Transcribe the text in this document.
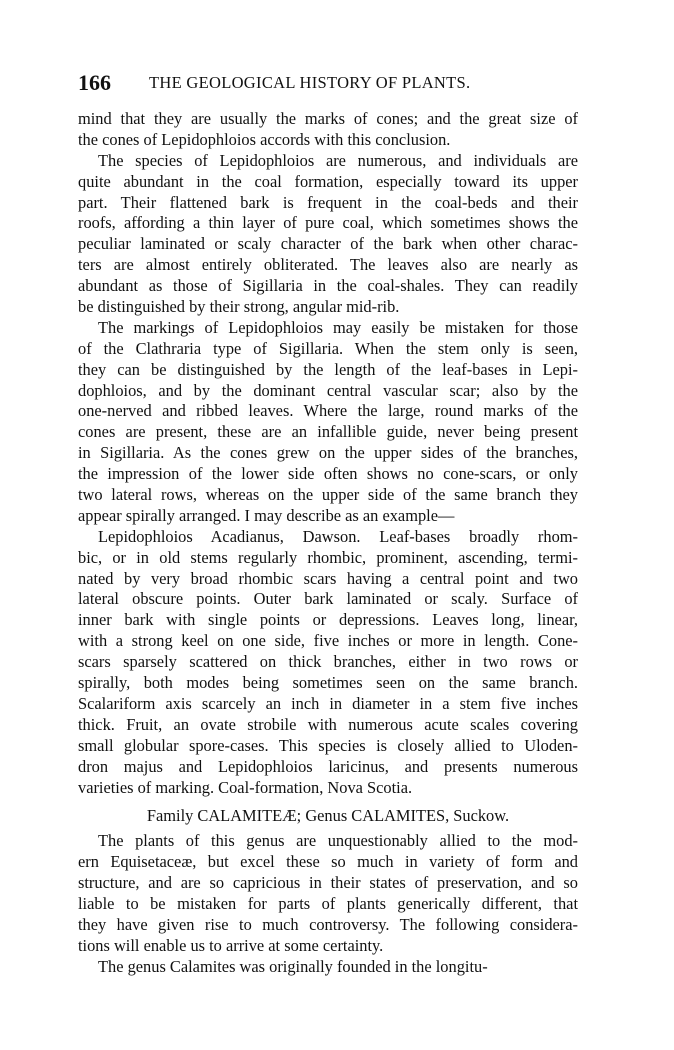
166 THE GEOLOGICAL HISTORY OF PLANTS.
mind that they are usually the marks of cones; and the great size of
the cones of Lepidophloios accords with this conclusion.
The species of Lepidophloios are numerous, and individuals are
quite abundant in the coal formation, especially toward its upper
part. Their flattened bark is frequent in the coal-beds and their
roofs, affording a thin layer of pure coal, which sometimes shows the
peculiar laminated or scaly character of the bark when other charac-
ters are almost entirely obliterated. The leaves also are nearly as
abundant as those of Sigillaria in the coal-shales. They can readily
be distinguished by their strong, angular mid-rib.
The markings of Lepidophloios may easily be mistaken for those
of the Clathraria type of Sigillaria. When the stem only is seen,
they can be distinguished by the length of the leaf-bases in Lepi-
dophloios, and by the dominant central vascular scar; also by the
one-nerved and ribbed leaves. Where the large, round marks of the
cones are present, these are an infallible guide, never being present
in Sigillaria. As the cones grew on the upper sides of the branches,
the impression of the lower side often shows no cone-scars, or only
two lateral rows, whereas on the upper side of the same branch they
appear spirally arranged. I may describe as an example—
Lepidophloios Acadianus, Dawson. Leaf-bases broadly rhom-
bic, or in old stems regularly rhombic, prominent, ascending, termi-
nated by very broad rhombic scars having a central point and two
lateral obscure points. Outer bark laminated or scaly. Surface of
inner bark with single points or depressions. Leaves long, linear,
with a strong keel on one side, five inches or more in length. Cone-
scars sparsely scattered on thick branches, either in two rows or
spirally, both modes being sometimes seen on the same branch.
Scalariform axis scarcely an inch in diameter in a stem five inches
thick. Fruit, an ovate strobile with numerous acute scales covering
small globular spore-cases. This species is closely allied to Uloden-
dron majus and Lepidophloios laricinus, and presents numerous
varieties of marking. Coal-formation, Nova Scotia.
Family CALAMITEÆ; Genus CALAMITES, Suckow.
The plants of this genus are unquestionably allied to the mod-
ern Equisetaceæ, but excel these so much in variety of form and
structure, and are so capricious in their states of preservation, and so
liable to be mistaken for parts of plants generically different, that
they have given rise to much controversy. The following considera-
tions will enable us to arrive at some certainty.
The genus Calamites was originally founded in the longitu-
